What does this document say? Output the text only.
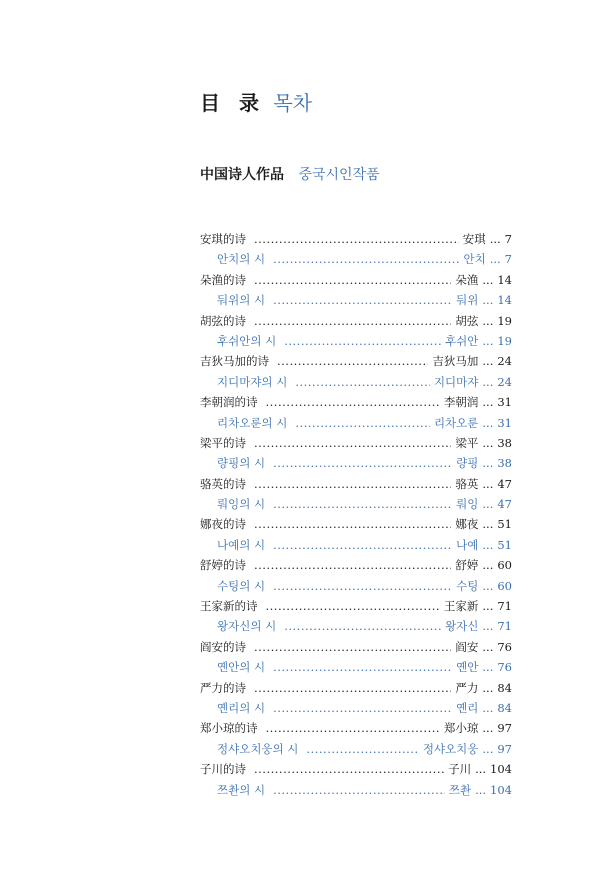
目 录 목차
中国诗人作品 중국시인작품
安琪的诗 .....	安琪 ... 7
안치의 시 .....	안치 ... 7
朵渔的诗 .....	朵渔 ... 14
둬위의 시 .....	둬위 ... 14
胡弦的诗 .....	胡弦 ... 19
후쉬안의 시 .....	후쉬안 ... 19
吉狄马加的诗 .....	吉狄马加 ... 24
지디마쟈의 시 .....	지디마쟈 ... 24
李朝润的诗 .....	李朝润 ... 31
리차오룬의 시 .....	리차오룬 ... 31
梁平的诗 .....	梁平 ... 38
량핑의 시 .....	량핑 ... 38
骆英的诗 .....	骆英 ... 47
뤄잉의 시 .....	뤄잉 ... 47
娜夜的诗 .....	娜夜 ... 51
나예의 시 .....	나예 ... 51
舒婷的诗 .....	舒婷 ... 60
수팅의 시 .....	수팅 ... 60
王家新的诗 .....	王家新 ... 71
왕자신의 시 .....	왕자신 ... 71
阎安的诗 .....	阎安 ... 76
옌안의 시 .....	옌안 ... 76
严力的诗 .....	严力 ... 84
옌리의 시 .....	옌리 ... 84
郑小琼的诗 .....	郑小琼 ... 97
정샤오치웅의 시 .....	정샤오치웅 ... 97
子川的诗 .....	子川 ... 104
쯔촨의 시 .....	쯔촨 ... 104
